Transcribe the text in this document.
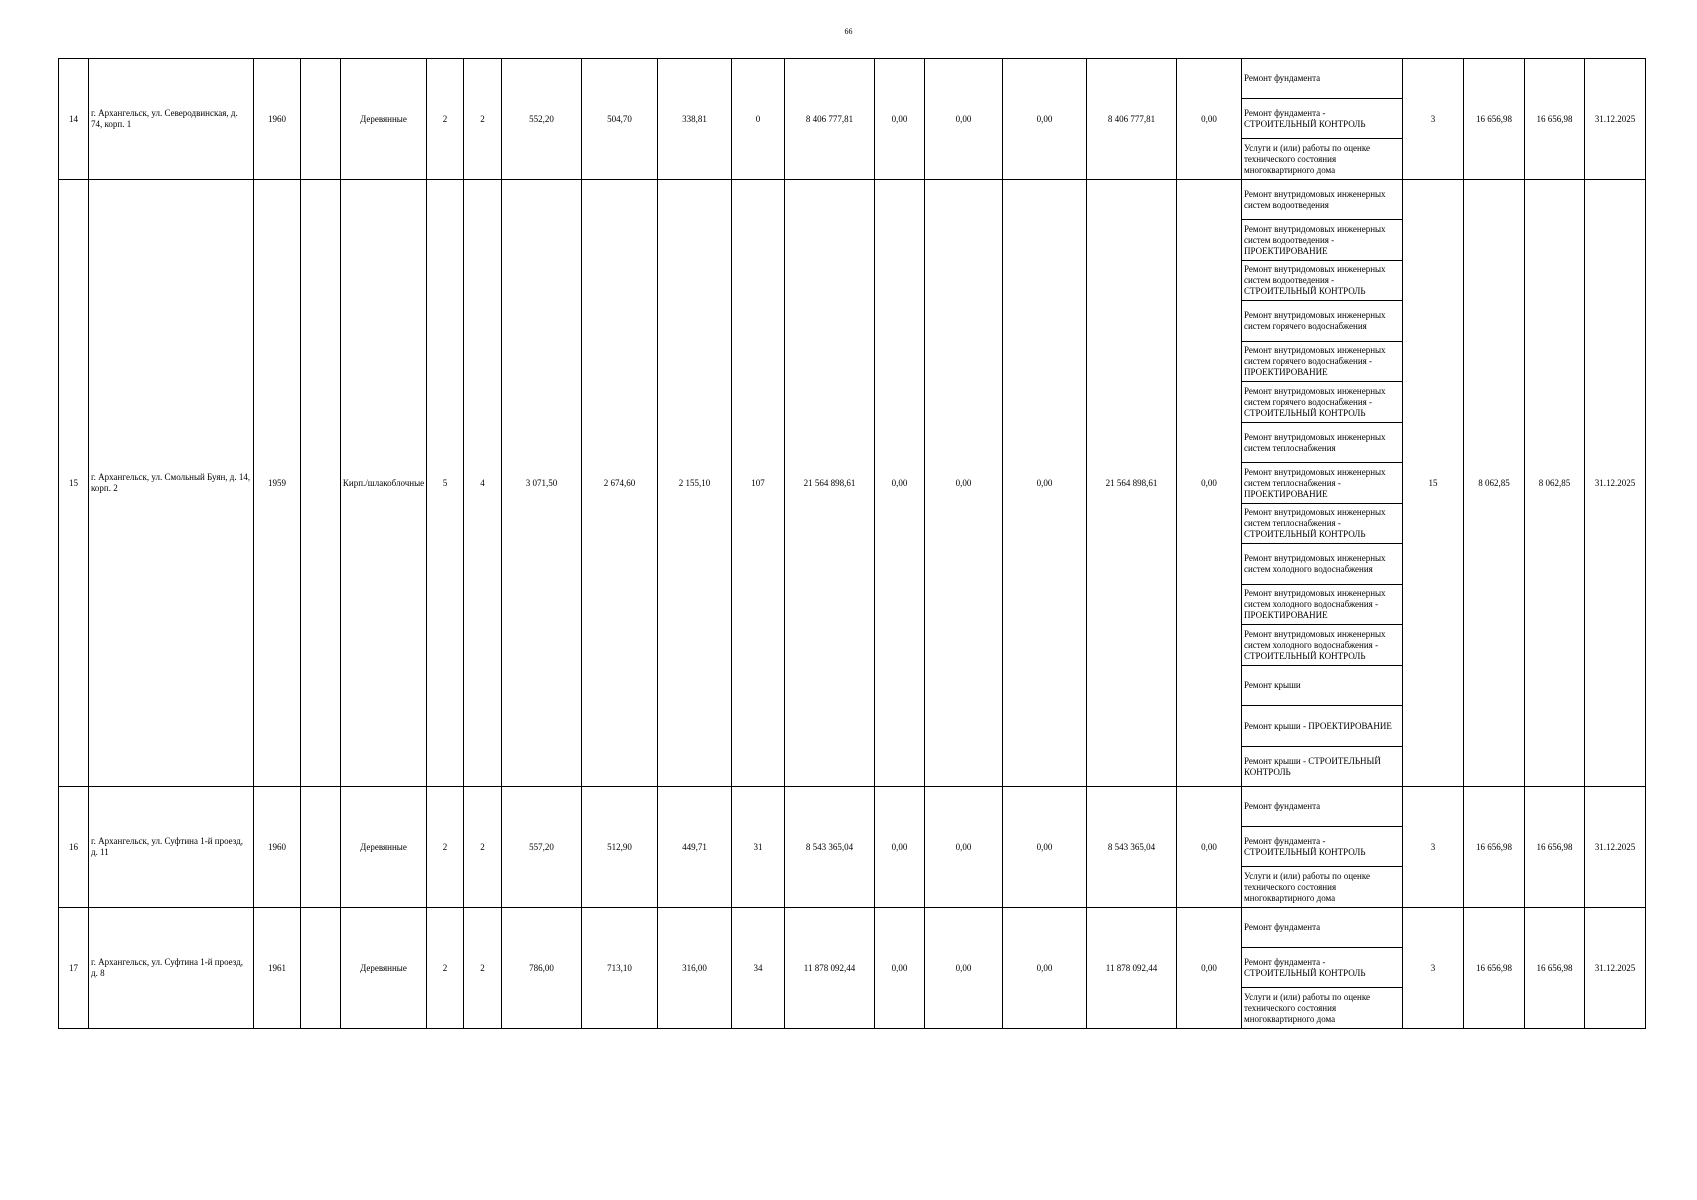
66
14	г. Архангельск, ул. Северодвинская, д. 74, корп. 1	1960		Деревянные	2	2	552,20	504,70	338,81	0	8 406 777,81	0,00	0,00	0,00	8 406 777,81	0,00	Ремонт фундамента	3	16 656,98	16 656,98	31.12.2025

																	Ремонт фундамента - СТРОИТЕЛЬНЫЙ КОНТРОЛЬ				

																	Услуги и (или) работы по оценке технического состояния многоквартирного дома				

15	г. Архангельск, ул. Смольный Буян, д. 14, корп. 2	1959		Кирп./шлакоблочные	5	4	3 071,50	2 674,60	2 155,10	107	21 564 898,61	0,00	0,00	0,00	21 564 898,61	0,00	Ремонт внутридомовых инженерных систем водоотведения	15	8 062,85	8 062,85	31.12.2025

																	Ремонт внутридомовых инженерных систем водоотведения - ПРОЕКТИРОВАНИЕ				

																	Ремонт внутридомовых инженерных систем водоотведения - СТРОИТЕЛЬНЫЙ КОНТРОЛЬ				

																	Ремонт внутридомовых инженерных систем горячего водоснабжения				

																	Ремонт внутридомовых инженерных систем горячего водоснабжения - ПРОЕКТИРОВАНИЕ				

																	Ремонт внутридомовых инженерных систем горячего водоснабжения - СТРОИТЕЛЬНЫЙ КОНТРОЛЬ				

																	Ремонт внутридомовых инженерных систем теплоснабжения				

																	Ремонт внутридомовых инженерных систем теплоснабжения - ПРОЕКТИРОВАНИЕ				

																	Ремонт внутридомовых инженерных систем теплоснабжения - СТРОИТЕЛЬНЫЙ КОНТРОЛЬ				

																	Ремонт внутридомовых инженерных систем холодного водоснабжения				

																	Ремонт внутридомовых инженерных систем холодного водоснабжения - ПРОЕКТИРОВАНИЕ				

																	Ремонт внутридомовых инженерных систем холодного водоснабжения - СТРОИТЕЛЬНЫЙ КОНТРОЛЬ				

																	Ремонт крыши				

																	Ремонт крыши - ПРОЕКТИРОВАНИЕ				

																	Ремонт крыши - СТРОИТЕЛЬНЫЙ КОНТРОЛЬ				

16	г. Архангельск, ул. Суфтина 1-й проезд, д. 11	1960		Деревянные	2	2	557,20	512,90	449,71	31	8 543 365,04	0,00	0,00	0,00	8 543 365,04	0,00	Ремонт фундамента	3	16 656,98	16 656,98	31.12.2025

																	Ремонт фундамента - СТРОИТЕЛЬНЫЙ КОНТРОЛЬ				

																	Услуги и (или) работы по оценке технического состояния многоквартирного дома				

17	г. Архангельск, ул. Суфтина 1-й проезд, д. 8	1961		Деревянные	2	2	786,00	713,10	316,00	34	11 878 092,44	0,00	0,00	0,00	11 878 092,44	0,00	Ремонт фундамента	3	16 656,98	16 656,98	31.12.2025

																	Ремонт фундамента - СТРОИТЕЛЬНЫЙ КОНТРОЛЬ				

																	Услуги и (или) работы по оценке технического состояния многоквартирного дома				
